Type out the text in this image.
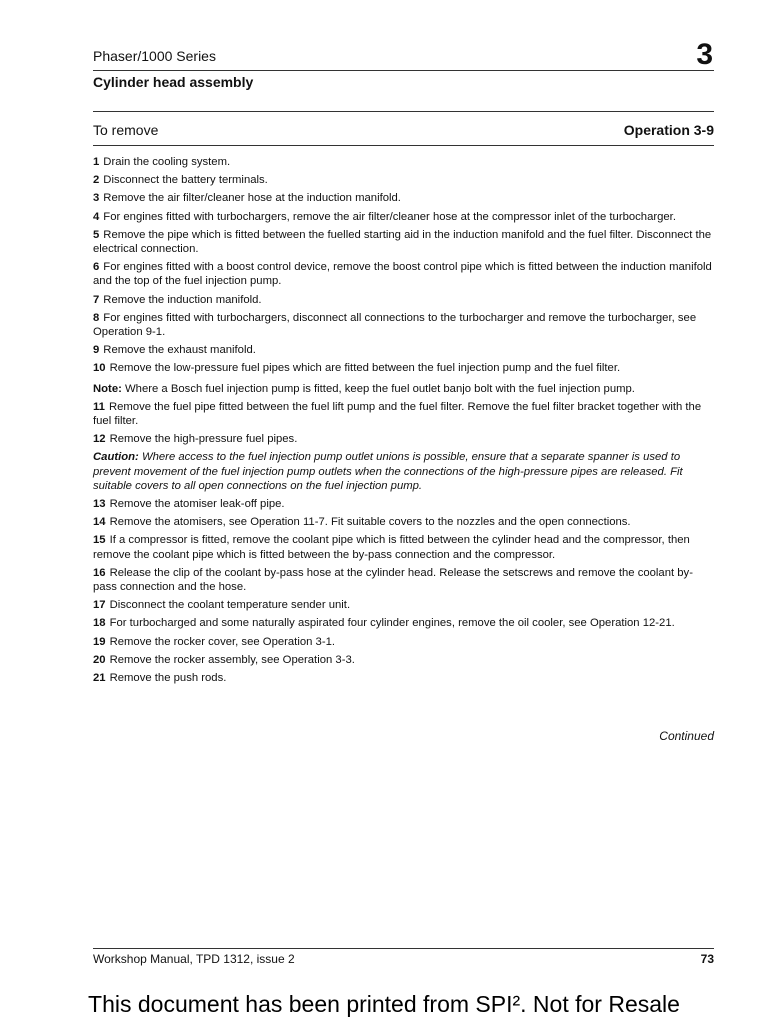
Phaser/1000 Series	3
Cylinder head assembly
To remove	Operation 3-9

1 Drain the cooling system.

2 Disconnect the battery terminals.

3 Remove the air filter/cleaner hose at the induction manifold.

4 For engines fitted with turbochargers, remove the air filter/cleaner hose at the compressor inlet of the turbocharger.

5 Remove the pipe which is fitted between the fuelled starting aid in the induction manifold and the fuel filter. Disconnect the electrical connection.

6 For engines fitted with a boost control device, remove the boost control pipe which is fitted between the induction manifold and the top of the fuel injection pump.

7 Remove the induction manifold.

8 For engines fitted with turbochargers, disconnect all connections to the turbocharger and remove the turbocharger, see Operation 9-1.

9 Remove the exhaust manifold.

10 Remove the low-pressure fuel pipes which are fitted between the fuel injection pump and the fuel filter.

Note: Where a Bosch fuel injection pump is fitted, keep the fuel outlet banjo bolt with the fuel injection pump.

11 Remove the fuel pipe fitted between the fuel lift pump and the fuel filter. Remove the fuel filter bracket together with the fuel filter.

12 Remove the high-pressure fuel pipes.

Caution: Where access to the fuel injection pump outlet unions is possible, ensure that a separate spanner is used to prevent movement of the fuel injection pump outlets when the connections of the high-pressure pipes are released. Fit suitable covers to all open connections on the fuel injection pump.

13 Remove the atomiser leak-off pipe.

14 Remove the atomisers, see Operation 11-7. Fit suitable covers to the nozzles and the open connections.

15 If a compressor is fitted, remove the coolant pipe which is fitted between the cylinder head and the compressor, then remove the coolant pipe which is fitted between the by-pass connection and the compressor.

16 Release the clip of the coolant by-pass hose at the cylinder head. Release the setscrews and remove the coolant by-pass connection and the hose.

17 Disconnect the coolant temperature sender unit.

18 For turbocharged and some naturally aspirated four cylinder engines, remove the oil cooler, see Operation 12-21.

19 Remove the rocker cover, see Operation 3-1.

20 Remove the rocker assembly, see Operation 3-3.

21 Remove the push rods.

Continued
Workshop Manual, TPD 1312, issue 2	73
This document has been printed from SPI². Not for Resale
